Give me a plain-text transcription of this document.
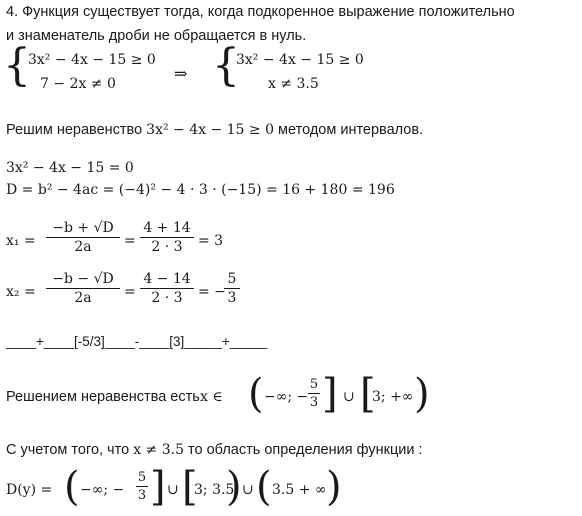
4. Функция существует тогда, когда подкоренное выражение положительно
и знаменатель дроби не обращается в нуль.
{
3x² − 4x − 15 ≥ 0
7 − 2x ≠ 0
⇒ {
3x² − 4x − 15 ≥ 0
x ≠ 3.5
Решим неравенство 3x² − 4x − 15 ≥ 0 методом интервалов.
3x² − 4x − 15 = 0
D = b² − 4ac = (−4)² − 4 · 3 · (−15) = 16 + 180 = 196
x₁ =
−b + √D
2a	=
4 + 14
2 · 3	= 3
x₂ =
−b − √D
2a	=
4 − 14
2 · 3	= −
5
3
____+____[-5/3]____-____[3]_____+_____
Решением неравенства есть x ∈ ( −∞; −
5
3 ] ∪ [
3; +∞ )
С учетом того, что x ≠ 3.5 то область определения функции :
D(y) = ( −∞; −
5
3 ] ∪ [
3; 3.5
) ∪ ( 3.5 + ∞ )
